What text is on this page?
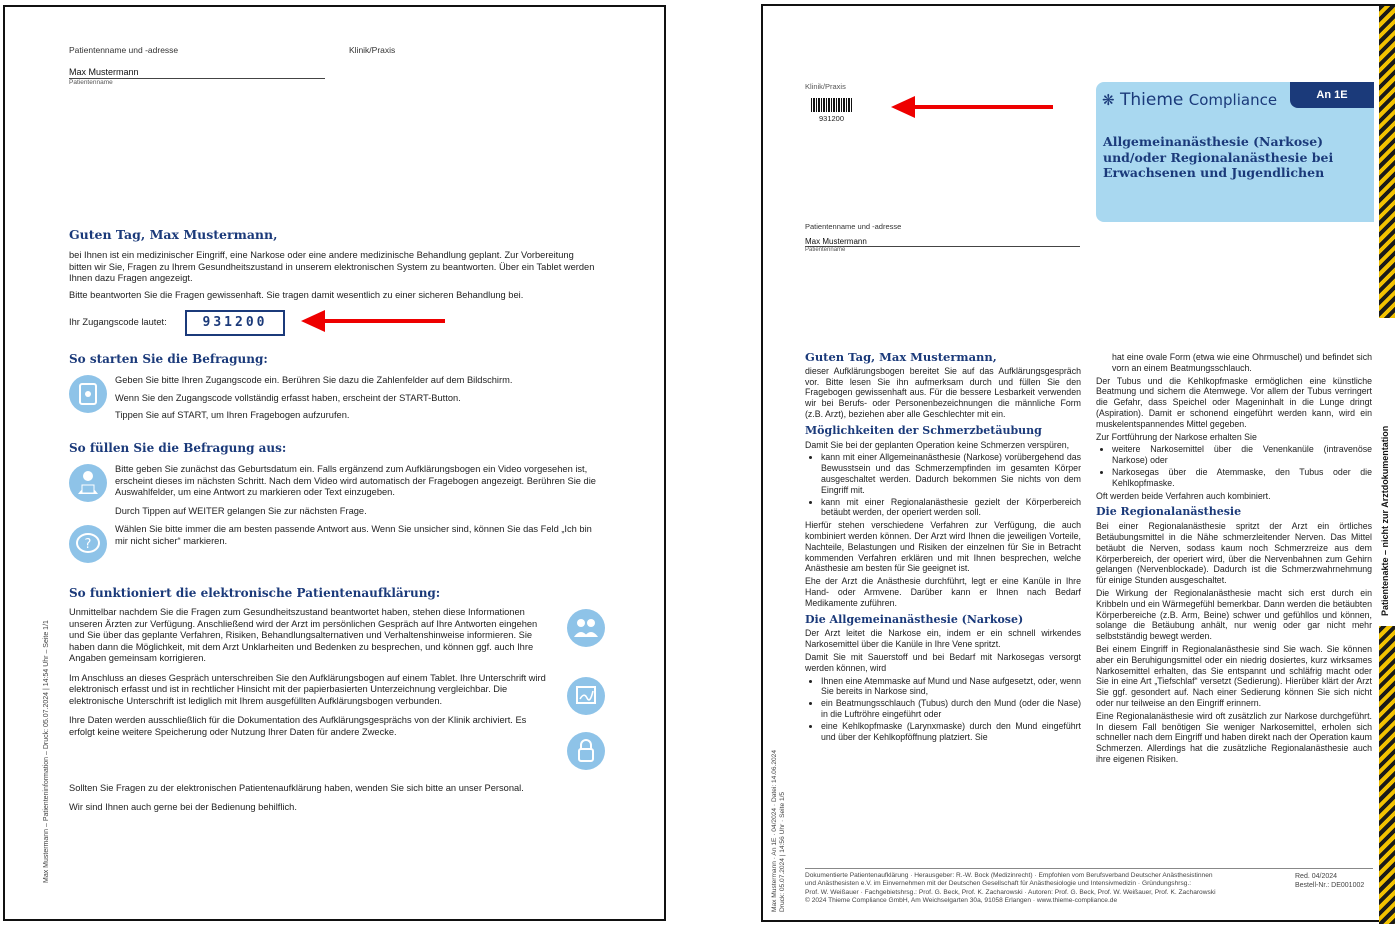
Patientenname und -adresse	Klinik/Praxis
Max Mustermann
Patientenname
Guten Tag, Max Mustermann,

bei Ihnen ist ein medizinischer Eingriff, eine Narkose oder eine andere medizinische Behandlung geplant. Zur Vorbereitung bitten wir Sie, Fragen zu Ihrem Gesundheitszustand in unserem elektronischen System zu beantworten. Über ein Tablet werden Ihnen dazu Fragen angezeigt.

Bitte beantworten Sie die Fragen gewissenhaft. Sie tragen damit wesentlich zu einer sicheren Behandlung bei.

Ihr Zugangscode lautet:	931200
So starten Sie die Befragung:

Geben Sie bitte Ihren Zugangscode ein. Berühren Sie dazu die Zahlenfelder auf dem Bildschirm.

Wenn Sie den Zugangscode vollständig erfasst haben, erscheint der START-Button.

Tippen Sie auf START, um Ihren Fragebogen aufzurufen.

So füllen Sie die Befragung aus:
?

Bitte geben Sie zunächst das Geburtsdatum ein. Falls ergänzend zum Aufklärungsbogen ein Video vorgesehen ist, erscheint dieses im nächsten Schritt. Nach dem Video wird automatisch der Fragebogen angezeigt. Berühren Sie die Auswahlfelder, um eine Antwort zu markieren oder Text einzugeben.

Durch Tippen auf WEITER gelangen Sie zur nächsten Frage.

Wählen Sie bitte immer die am besten passende Antwort aus. Wenn Sie unsicher sind, können Sie das Feld „Ich bin mir nicht sicher“ markieren.

So funktioniert die elektronische Patientenaufklärung:

Unmittelbar nachdem Sie die Fragen zum Gesundheitszustand beantwortet haben, stehen diese Informationen unseren Ärzten zur Verfügung. Anschließend wird der Arzt im persönlichen Gespräch auf Ihre Antworten eingehen und Sie über das geplante Verfahren, Risiken, Behandlungsalternativen und Verhaltenshinweise informieren. Sie haben dann die Möglichkeit, mit dem Arzt Unklarheiten und Bedenken zu besprechen, und können ggf. auch Ihre Angaben gemeinsam korrigieren.

Im Anschluss an dieses Gespräch unterschreiben Sie den Aufklärungsbogen auf einem Tablet. Ihre Unterschrift wird elektronisch erfasst und ist in rechtlicher Hinsicht mit der papierbasierten Unterzeichnung vergleichbar. Die elektronische Unterschrift ist lediglich mit Ihrem ausgefüllten Aufklärungsbogen verbunden.

Ihre Daten werden ausschließlich für die Dokumentation des Aufklärungsgesprächs von der Klinik archiviert. Es erfolgt keine weitere Speicherung oder Nutzung Ihrer Daten für andere Zwecke.

Sollten Sie Fragen zu der elektronischen Patientenaufklärung haben, wenden Sie sich bitte an unser Personal.

Wir sind Ihnen auch gerne bei der Bedienung behilflich.

Max Mustermann – Patienteninformation – Druck: 05.07.2024 | 14:54 Uhr – Seite 1/1
Klinik/Praxis
931200
❋ Thieme Compliance	An 1E
Allgemeinanästhesie (Narkose) und/oder Regionalanästhesie bei Erwachsenen und Jugendlichen
Patientenname und -adresse
Max Mustermann
Patientenname
Guten Tag, Max Mustermann,

dieser Aufklärungsbogen bereitet Sie auf das Aufklärungsgespräch vor. Bitte lesen Sie ihn aufmerksam durch und füllen Sie den Fragebogen gewissenhaft aus. Für die bessere Lesbarkeit verwenden wir bei Berufs- oder Personenbezeichnungen die männliche Form (z.B. Arzt), beziehen aber alle Geschlechter mit ein.

Möglichkeiten der Schmerzbetäubung

Damit Sie bei der geplanten Operation keine Schmerzen verspüren,

• kann mit einer Allgemeinanästhesie (Narkose) vorübergehend das Bewusstsein und das Schmerzempfinden im gesamten Körper ausgeschaltet werden. Dadurch bekommen Sie nichts von dem Eingriff mit.
• kann mit einer Regionalanästhesie gezielt der Körperbereich betäubt werden, der operiert werden soll.

Hierfür stehen verschiedene Verfahren zur Verfügung, die auch kombiniert werden können. Der Arzt wird Ihnen die jeweiligen Vorteile, Nachteile, Belastungen und Risiken der einzelnen für Sie in Betracht kommenden Verfahren erklären und mit Ihnen besprechen, welche Anästhesie am besten für Sie geeignet ist.

Ehe der Arzt die Anästhesie durchführt, legt er eine Kanüle in Ihre Hand- oder Armvene. Darüber kann er Ihnen nach Bedarf Medikamente zuführen.

Die Allgemeinanästhesie (Narkose)

Der Arzt leitet die Narkose ein, indem er ein schnell wirkendes Narkosemittel über die Kanüle in Ihre Vene spritzt.

Damit Sie mit Sauerstoff und bei Bedarf mit Narkosegas versorgt werden können, wird

• Ihnen eine Atemmaske auf Mund und Nase aufgesetzt, oder, wenn Sie bereits in Narkose sind,
• ein Beatmungsschlauch (Tubus) durch den Mund (oder die Nase) in die Luftröhre eingeführt oder
• eine Kehlkopfmaske (Larynxmaske) durch den Mund eingeführt und über der Kehlkopföffnung platziert. Sie

hat eine ovale Form (etwa wie eine Ohrmuschel) und befindet sich vorn an einem Beatmungsschlauch.

Der Tubus und die Kehlkopfmaske ermöglichen eine künstliche Beatmung und sichern die Atemwege. Vor allem der Tubus verringert die Gefahr, dass Speichel oder Mageninhalt in die Lunge dringt (Aspiration). Damit er schonend eingeführt werden kann, wird ein muskelentspannendes Mittel gegeben.

Zur Fortführung der Narkose erhalten Sie

• weitere Narkosemittel über die Venenkanüle (intravenöse Narkose) oder
• Narkosegas über die Atemmaske, den Tubus oder die Kehlkopfmaske.

Oft werden beide Verfahren auch kombiniert.

Die Regionalanästhesie

Bei einer Regionalanästhesie spritzt der Arzt ein örtliches Betäubungsmittel in die Nähe schmerzleitender Nerven. Das Mittel betäubt die Nerven, sodass kaum noch Schmerzreize aus dem Körperbereich, der operiert wird, über die Nervenbahnen zum Gehirn gelangen (Nervenblockade). Dadurch ist die Schmerzwahrnehmung für einige Stunden ausgeschaltet.

Die Wirkung der Regionalanästhesie macht sich erst durch ein Kribbeln und ein Wärmegefühl bemerkbar. Dann werden die betäubten Körperbereiche (z.B. Arm, Beine) schwer und gefühllos und können, solange die Betäubung anhält, nur wenig oder gar nicht mehr selbstständig bewegt werden.

Bei einem Eingriff in Regionalanästhesie sind Sie wach. Sie können aber ein Beruhigungsmittel oder ein niedrig dosiertes, kurz wirksames Narkosemittel erhalten, das Sie entspannt und schläfrig macht oder Sie in eine Art „Tiefschlaf“ versetzt (Sedierung). Hierüber klärt der Arzt Sie ggf. gesondert auf. Nach einer Sedierung können Sie sich nicht oder nur teilweise an den Eingriff erinnern.

Eine Regionalanästhesie wird oft zusätzlich zur Narkose durchgeführt. In diesem Fall benötigen Sie weniger Narkosemittel, erholen sich schneller nach dem Eingriff und haben direkt nach der Operation kaum Schmerzen. Allerdings hat die zusätzliche Regionalanästhesie auch ihre eigenen Risiken.

Dokumentierte Patientenaufklärung · Herausgeber: R.-W. Bock (Medizinrecht) · Empfohlen vom Berufsverband Deutscher Anästhesistinnen
und Anästhesisten e.V. im Einvernehmen mit der Deutschen Gesellschaft für Anästhesiologie und Intensivmedizin · Gründungshrsg.:
Prof. W. Weißauer · Fachgebietshrsg.: Prof. G. Beck, Prof. K. Zacharowski · Autoren: Prof. G. Beck, Prof. W. Weißauer, Prof. K. Zacharowski
© 2024 Thieme Compliance GmbH, Am Weichselgarten 30a, 91058 Erlangen · www.thieme-compliance.de
Red. 04/2024
Bestell-Nr.: DE001002
Max Mustermann · An 1E · 04/2024 · Datei: 14.06.2024 Druck: 05.07.2024 | 14:56 Uhr · Seite 1/5
Patientenakte – nicht zur Arztdokumentation
